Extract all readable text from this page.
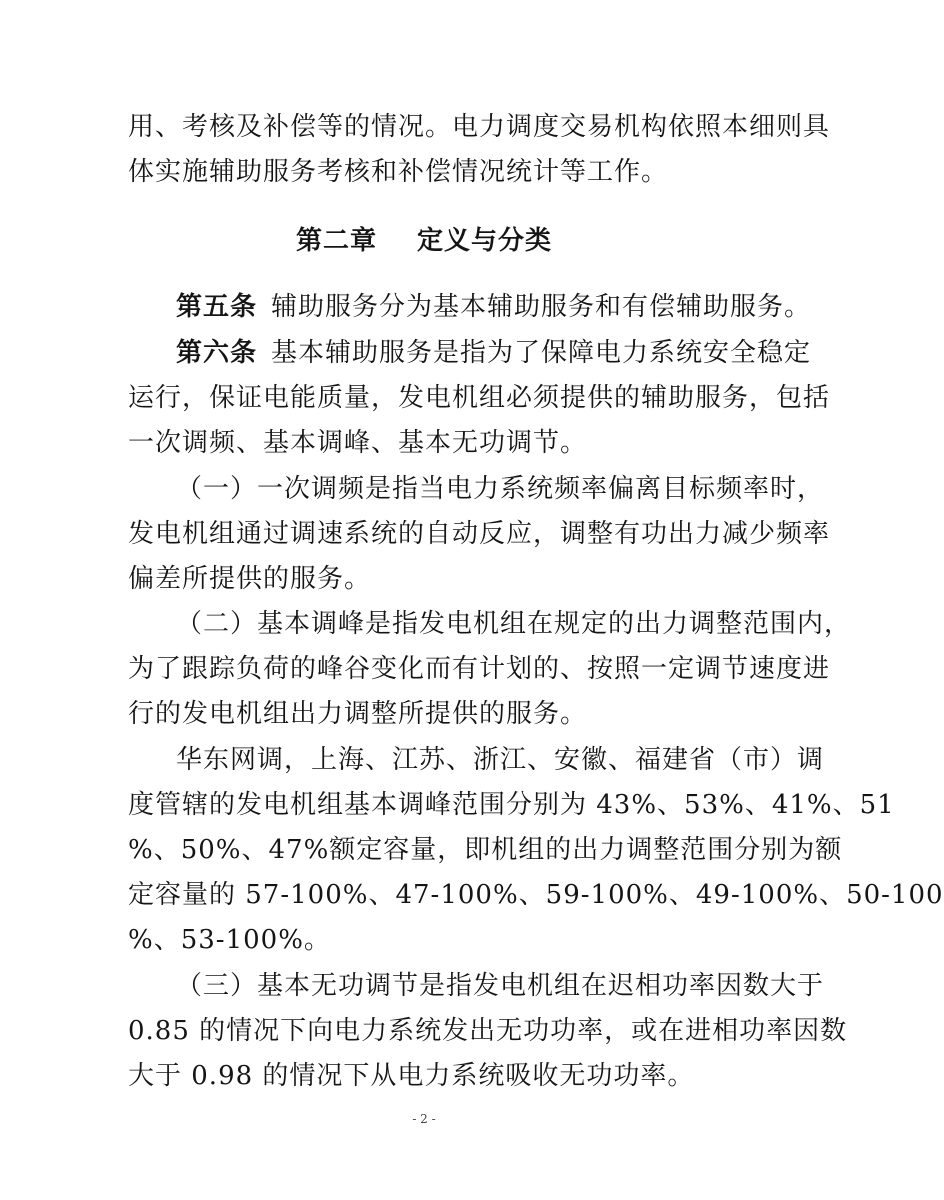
用、考核及补偿等的情况。电力调度交易机构依照本细则具
体实施辅助服务考核和补偿情况统计等工作。
第二章 定义与分类
第五条 辅助服务分为基本辅助服务和有偿辅助服务。
第六条 基本辅助服务是指为了保障电力系统安全稳定
运行，保证电能质量，发电机组必须提供的辅助服务，包括
一次调频、基本调峰、基本无功调节。
（一）一次调频是指当电力系统频率偏离目标频率时，
发电机组通过调速系统的自动反应，调整有功出力减少频率
偏差所提供的服务。
（二）基本调峰是指发电机组在规定的出力调整范围内，
为了跟踪负荷的峰谷变化而有计划的、按照一定调节速度进
行的发电机组出力调整所提供的服务。
华东网调，上海、江苏、浙江、安徽、福建省（市）调
度管辖的发电机组基本调峰范围分别为 43%、53%、41%、51
%、50%、47%额定容量，即机组的出力调整范围分别为额
定容量的 57-100%、47-100%、59-100%、49-100%、50-100
%、53-100%。
（三）基本无功调节是指发电机组在迟相功率因数大于
0.85 的情况下向电力系统发出无功功率，或在进相功率因数
大于 0.98 的情况下从电力系统吸收无功功率。
- 2 -
